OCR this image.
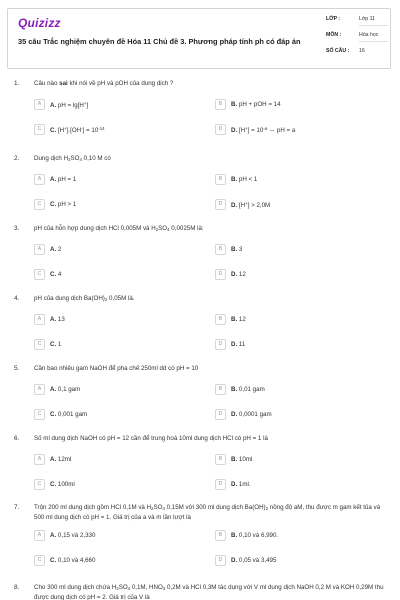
Quizizz
35 câu Trắc nghiệm chuyên đề Hóa 11 Chủ đề 3. Phương pháp tính ph có đáp án
LỚP :	Lớp 11
MÔN :	Hóa học
SỐ CÂU :	16
1. Câu nào sai khi nói về pH và pOH của dung dịch ?
A	A. pH = lg[H+]	B	B. pH + pOH = 14
C	C. $[H^+].[OH^-] = 10^{-14}$	D	D. $[H^+] = 10^{-a}$ ⇔ pH = a
2. Dung dịch $H_2SO_4$ 0,10 M có
A	A. pH = 1	B	B. pH < 1
C	C. pH > 1	D	D. [H+] > 2,0M
3. pH của hỗn hợp dung dịch HCl 0,005M và $H_2SO_4$ 0,0025M là:
A	A. 2	B	B. 3
C	C. 4	D	D. 12
4. pH của dung dịch $Ba(OH)_2$ 0,05M là.
A	A. 13	B	B. 12
C	C. 1	D	D. 11
5. Cần bao nhiêu gam NaOH để pha chế 250ml dd có pH = 10
A	A. 0,1 gam	B	B. 0,01 gam
C	C. 0,001 gam	D	D. 0,0001 gam
6. Số ml dung dịch NaOH có pH = 12 cần để trung hoà 10ml dung dịch HCl có pH = 1 là
A	A. 12ml	B	B. 10ml
C	C. 100ml	D	D. 1ml.
7. Trộn 200 ml dung dịch gồm HCl 0,1M và $H_2SO_4$ 0,15M với 300 ml dung dịch $Ba(OH)_2$ nồng độ aM, thu được m gam kết tủa và 500 ml dung dịch có pH = 1. Giá trị của a và m lần lượt là
A	A. 0,15 và 2,330	B	B. 0,10 và 6,990.
C	C. 0,10 và 4,660	D	D. 0,05 và 3,495
8. Cho 300 ml dung dịch chứa $H_2SO_4$ 0,1M, $HNO_3$ 0,2M và HCl 0,3M tác dụng với V ml dung dịch NaOH 0,2 M và KOH 0,29M thu được dung dịch có pH = 2. Giá trị của V là
